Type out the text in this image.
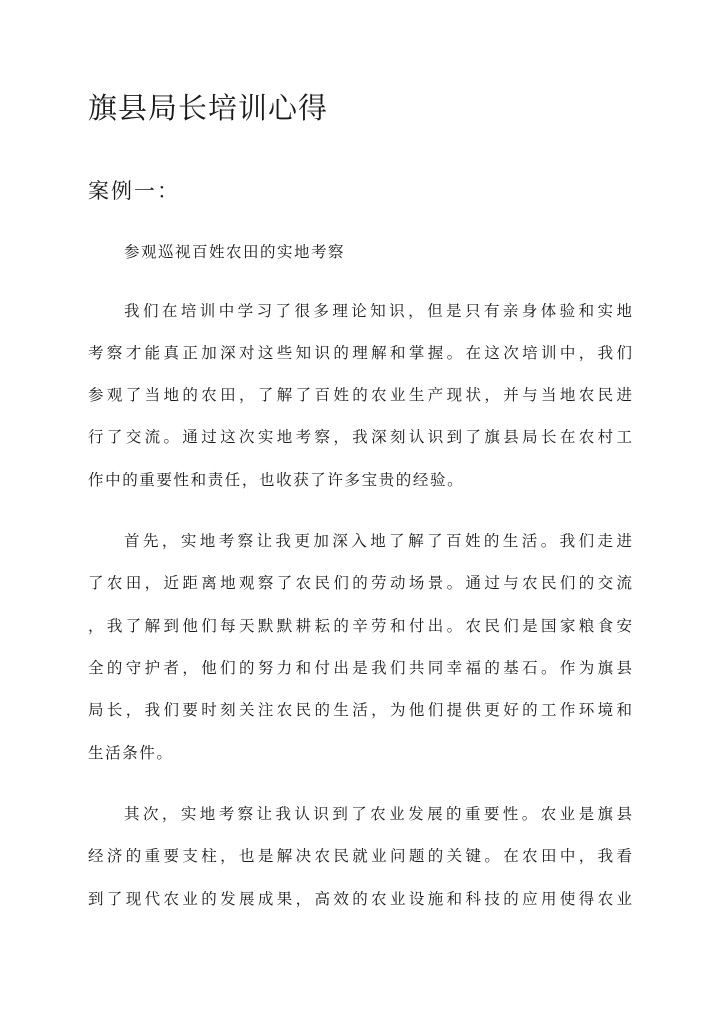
旗县局长培训心得
案例一：

参观巡视百姓农田的实地考察

我们在培训中学习了很多理论知识，但是只有亲身体验和实地

考察才能真正加深对这些知识的理解和掌握。在这次培训中，我们

参观了当地的农田，了解了百姓的农业生产现状，并与当地农民进

行了交流。通过这次实地考察，我深刻认识到了旗县局长在农村工

作中的重要性和责任，也收获了许多宝贵的经验。

首先，实地考察让我更加深入地了解了百姓的生活。我们走进

了农田，近距离地观察了农民们的劳动场景。通过与农民们的交流

，我了解到他们每天默默耕耘的辛劳和付出。农民们是国家粮食安

全的守护者，他们的努力和付出是我们共同幸福的基石。作为旗县

局长，我们要时刻关注农民的生活，为他们提供更好的工作环境和

生活条件。

其次，实地考察让我认识到了农业发展的重要性。农业是旗县

经济的重要支柱，也是解决农民就业问题的关键。在农田中，我看

到了现代农业的发展成果，高效的农业设施和科技的应用使得农业
